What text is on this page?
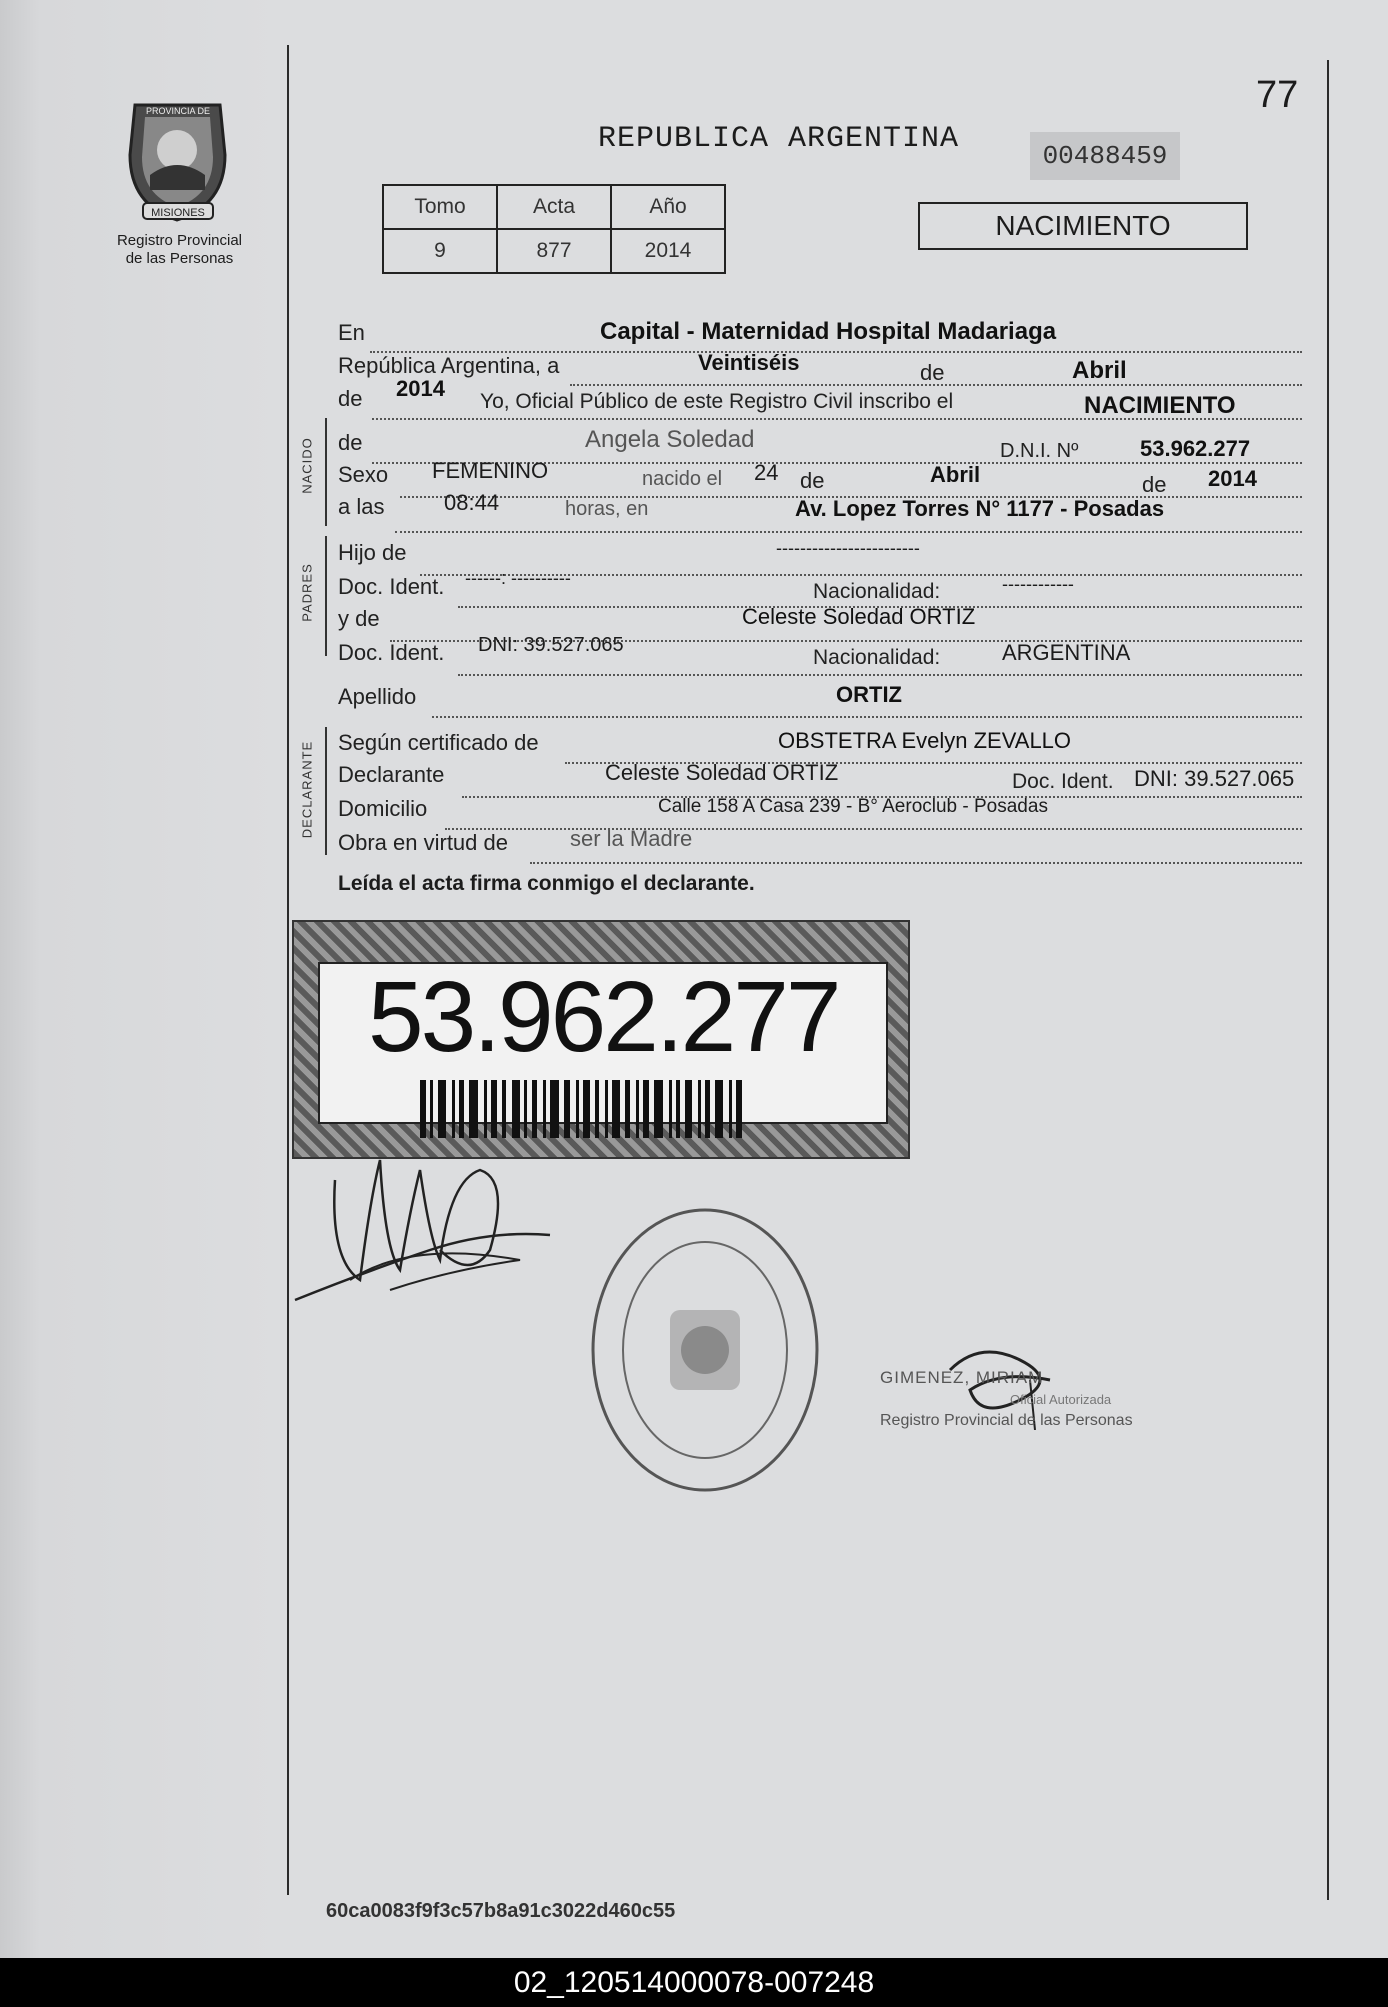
MISIONES
PROVINCIA DE
Registro Provincial
de las Personas
77
REPUBLICA ARGENTINA	00488459
Tomo	Acta	Año
9	877	2014
NACIMIENTO
En	Capital - Maternidad Hospital Madariaga
República Argentina, a	Veintiséis	de	Abril
de 2014
Yo, Oficial Público de este Registro Civil inscribo el	NACIMIENTO
NACIDO de	Angela Soledad	D.N.I. Nº	53.962.277
Sexo FEMENINO	nacido el 24 de	Abril	de 2014
a las	08:44	horas, en	Av. Lopez Torres N° 1177 - Posadas
PADRES
Hijo de	------------------------
Doc. Ident. ------: ----------
Nacionalidad:	------------
y de	Celeste Soledad ORTIZ
Doc. Ident. DNI: 39.527.065
Nacionalidad:	ARGENTINA
Apellido	ORTIZ
DECLARANTE Según certificado de	OBSTETRA Evelyn ZEVALLO
Declarante	Celeste Soledad ORTIZ	Doc. Ident. DNI: 39.527.065
Domicilio	Calle 158 A Casa 239 - B° Aeroclub - Posadas
Obra en virtud de	ser la Madre
Leída el acta firma conmigo el declarante.
53.962.277
GIMENEZ, MIRIAM
Oficial Autorizada
Registro Provincial de las Personas
60ca0083f9f3c57b8a91c3022d460c55
02_120514000078-007248
